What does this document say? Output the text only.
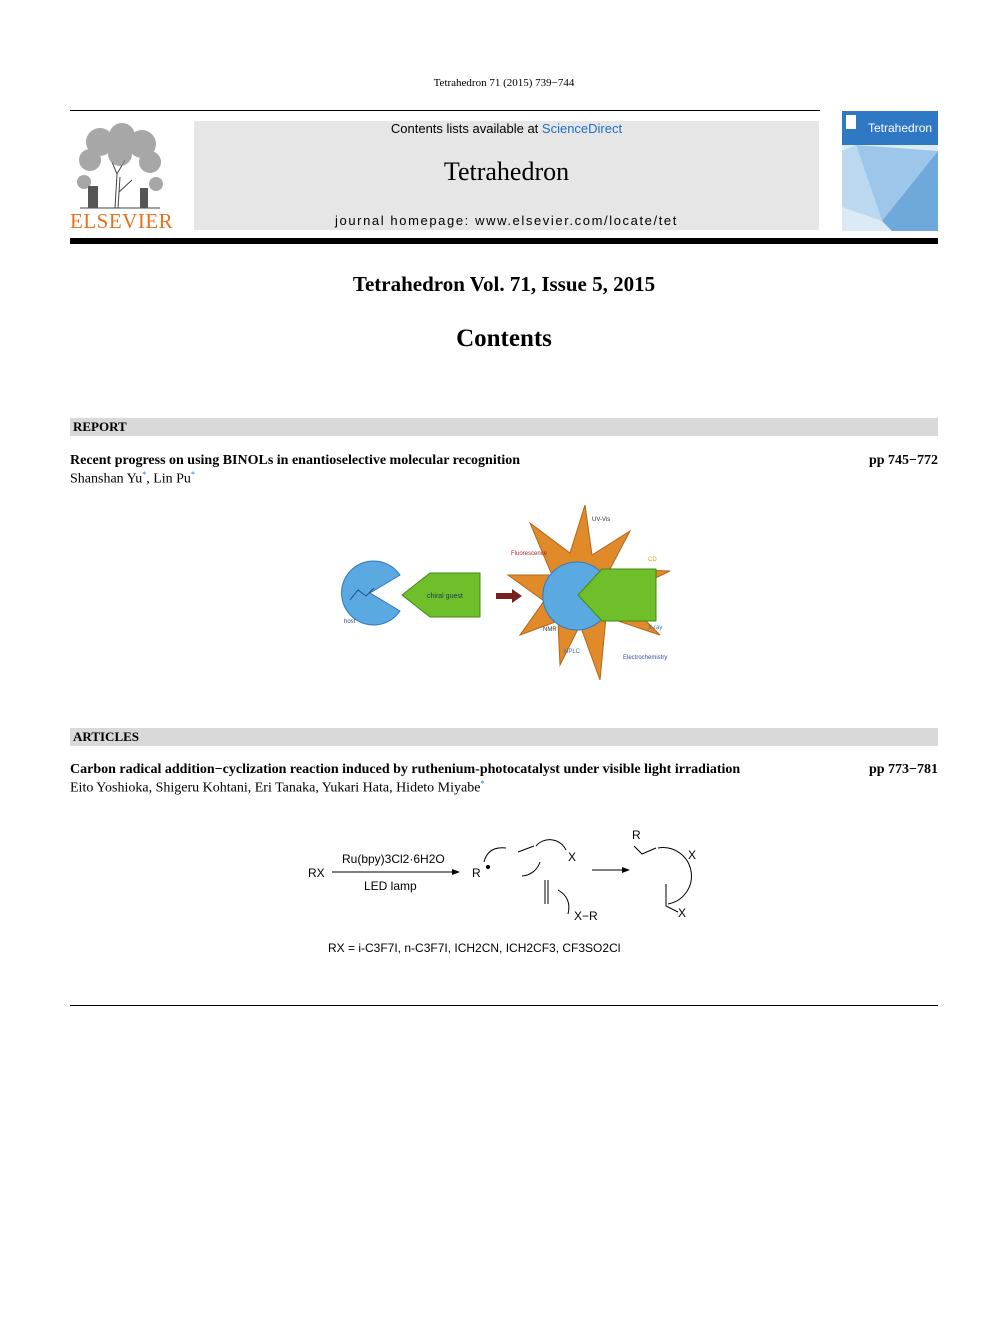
Tetrahedron 71 (2015) 739−744
ELSEVIER
Contents lists available at ScienceDirect
Tetrahedron
journal homepage: www.elsevier.com/locate/tet
Tetrahedron
Tetrahedron Vol. 71, Issue 5, 2015
Contents
REPORT
Recent progress on using BINOLs in enantioselective molecular recognition	pp 745−772
Shanshan Yu*, Lin Pu*
host
chiral guest
UV-Vis
CD
Fluorescence
NMR
HPLC
X-ray
Electrochemistry
ARTICLES
Carbon radical addition−cyclization reaction induced by ruthenium-photocatalyst under visible light irradiation	pp 773−781
Eito Yoshioka, Shigeru Kohtani, Eri Tanaka, Yukari Hata, Hideto Miyabe*
RX
Ru(bpy)3Cl2·6H2O
LED lamp
R
X
X−R
R
X
X
RX = i-C3F7I, n-C3F7I, ICH2CN, ICH2CF3, CF3SO2Cl
